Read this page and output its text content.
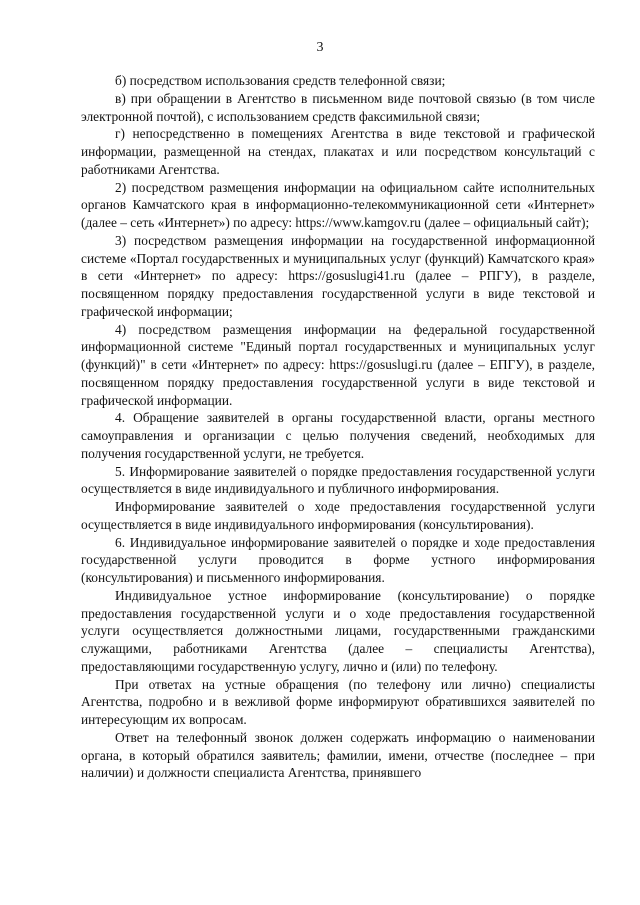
3

б) посредством использования средств телефонной связи;

в) при обращении в Агентство в письменном виде почтовой связью (в том числе электронной почтой), с использованием средств факсимильной связи;

г) непосредственно в помещениях Агентства в виде текстовой и графической информации, размещенной на стендах, плакатах и или посредством консультаций с работниками Агентства.

2) посредством размещения информации на официальном сайте исполнительных органов Камчатского края в информационно-телекоммуникационной сети «Интернет» (далее – сеть «Интернет») по адресу: https://www.kamgov.ru (далее – официальный сайт);

3) посредством размещения информации на государственной информационной системе «Портал государственных и муниципальных услуг (функций) Камчатского края» в сети «Интернет» по адресу: https://gosuslugi41.ru (далее – РПГУ), в разделе, посвященном порядку предоставления государственной услуги в виде текстовой и графической информации;

4) посредством размещения информации на федеральной государственной информационной системе "Единый портал государственных и муниципальных услуг (функций)" в сети «Интернет» по адресу: https://gosuslugi.ru (далее – ЕПГУ), в разделе, посвященном порядку предоставления государственной услуги в виде текстовой и графической информации.

4. Обращение заявителей в органы государственной власти, органы местного самоуправления и организации с целью получения сведений, необходимых для получения государственной услуги, не требуется.

5. Информирование заявителей о порядке предоставления государственной услуги осуществляется в виде индивидуального и публичного информирования.

Информирование заявителей о ходе предоставления государственной услуги осуществляется в виде индивидуального информирования (консультирования).

6. Индивидуальное информирование заявителей о порядке и ходе предоставления государственной услуги проводится в форме устного информирования (консультирования) и письменного информирования.

Индивидуальное устное информирование (консультирование) о порядке предоставления государственной услуги и о ходе предоставления государственной услуги осуществляется должностными лицами, государственными гражданскими служащими, работниками Агентства (далее – специалисты Агентства), предоставляющими государственную услугу, лично и (или) по телефону.

При ответах на устные обращения (по телефону или лично) специалисты Агентства, подробно и в вежливой форме информируют обратившихся заявителей по интересующим их вопросам.

Ответ на телефонный звонок должен содержать информацию о наименовании органа, в который обратился заявитель; фамилии, имени, отчестве (последнее – при наличии) и должности специалиста Агентства, принявшего
